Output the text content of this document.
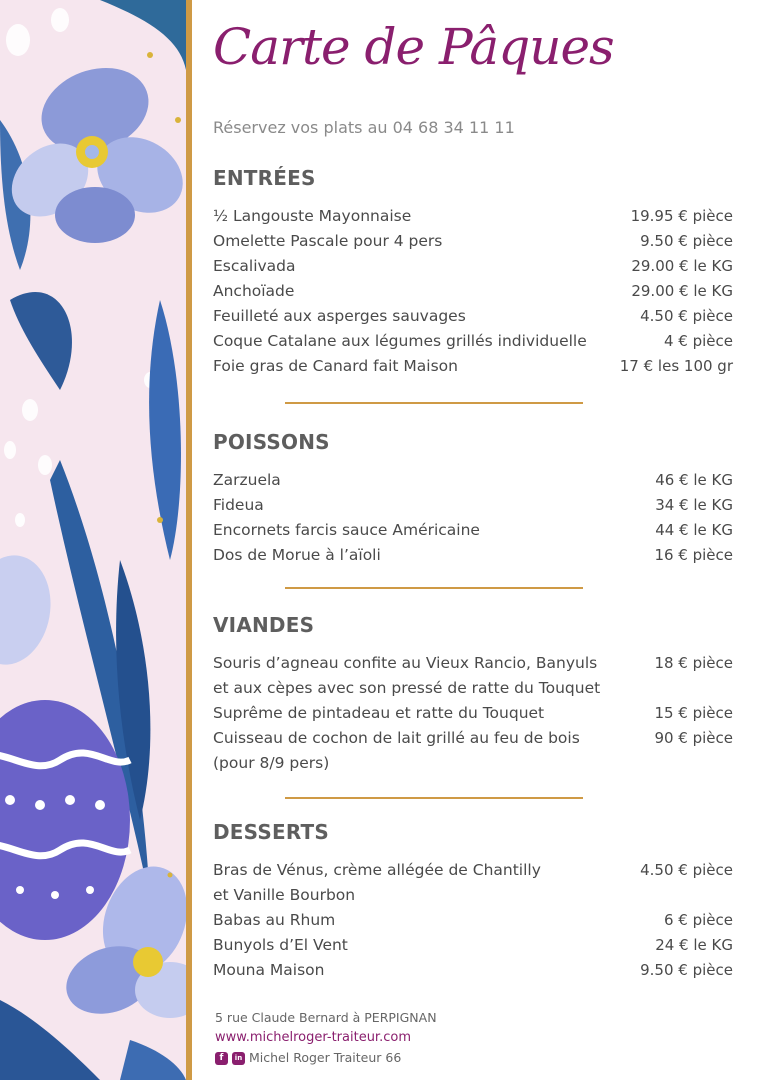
Carte de Pâques
Réservez vos plats au 04 68 34 11 11
ENTRÉES
½ Langouste Mayonnaise	19.95 € pièce
Omelette Pascale pour 4 pers	9.50 € pièce
Escalivada	29.00 € le KG
Anchoïade	29.00 € le KG
Feuilleté aux asperges sauvages	4.50 € pièce
Coque Catalane aux légumes grillés individuelle	4 € pièce
Foie gras de Canard fait Maison	17 € les 100 gr
POISSONS
Zarzuela	46 € le KG
Fideua	34 € le KG
Encornets farcis sauce Américaine	44 € le KG
Dos de Morue à l’aïoli	16 € pièce
VIANDES
Souris d’agneau confite au Vieux Rancio, Banyuls
et aux cèpes avec son pressé de ratte du Touquet
18 € pièce
Suprême de pintadeau et ratte du Touquet	15 € pièce
Cuisseau de cochon de lait grillé au feu de bois
(pour 8/9 pers)
90 € pièce
DESSERTS
Bras de Vénus, crème allégée de Chantilly
et Vanille Bourbon
4.50 € pièce
Babas au Rhum	6 € pièce
Bunyols d’El Vent	24 € le KG
Mouna Maison	9.50 € pièce
5 rue Claude Bernard à PERPIGNAN
www.michelroger-traiteur.com
f	in Michel Roger Traiteur 66
